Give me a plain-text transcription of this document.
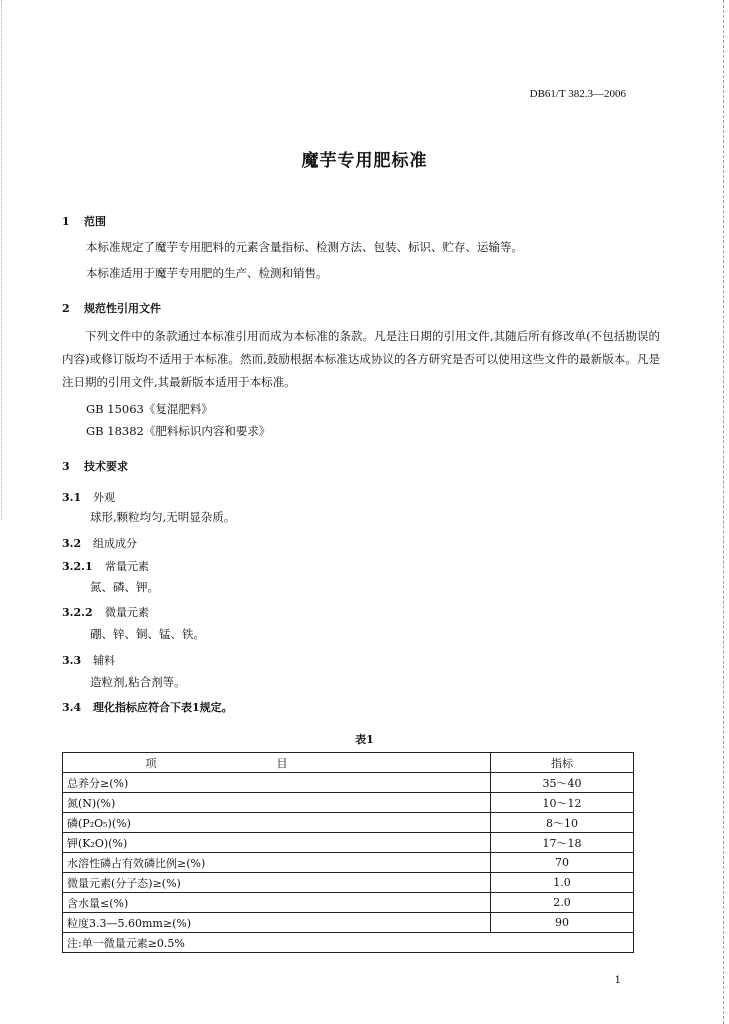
DB61/T 382.3—2006
魔芋专用肥标准
1 范围
本标准规定了魔芋专用肥料的元素含量指标、检测方法、包装、标识、贮存、运输等。
本标准适用于魔芋专用肥的生产、检测和销售。
2 规范性引用文件
下列文件中的条款通过本标准引用而成为本标准的条款。凡是注日期的引用文件,其随后所有修改单(不包括勘误的内容)或修订版均不适用于本标准。然而,鼓励根据本标准达成协议的各方研究是否可以使用这些文件的最新版本。凡是注日期的引用文件,其最新版本适用于本标准。
GB 15063《复混肥料》
GB 18382《肥料标识内容和要求》
3 技术要求
3.1 外观
球形,颗粒均匀,无明显杂质。
3.2 组成成分
3.2.1 常量元素
氮、磷、钾。
3.2.2 微量元素
硼、锌、铜、锰、铁。
3.3 辅料
造粒剂,粘合剂等。
3.4 理化指标应符合下表1规定。
表1
项目	指标
总养分≥(%)	35～40
氮(N)(%)	10～12
磷(P₂O₅)(%)	8～10
钾(K₂O)(%)	17～18
水溶性磷占有效磷比例≥(%)	70
微量元素(分子态)≥(%)	1.0
含水量≤(%)	2.0
粒度3.3—5.60mm≥(%)	90
注:单一微量元素≥0.5%	
1
